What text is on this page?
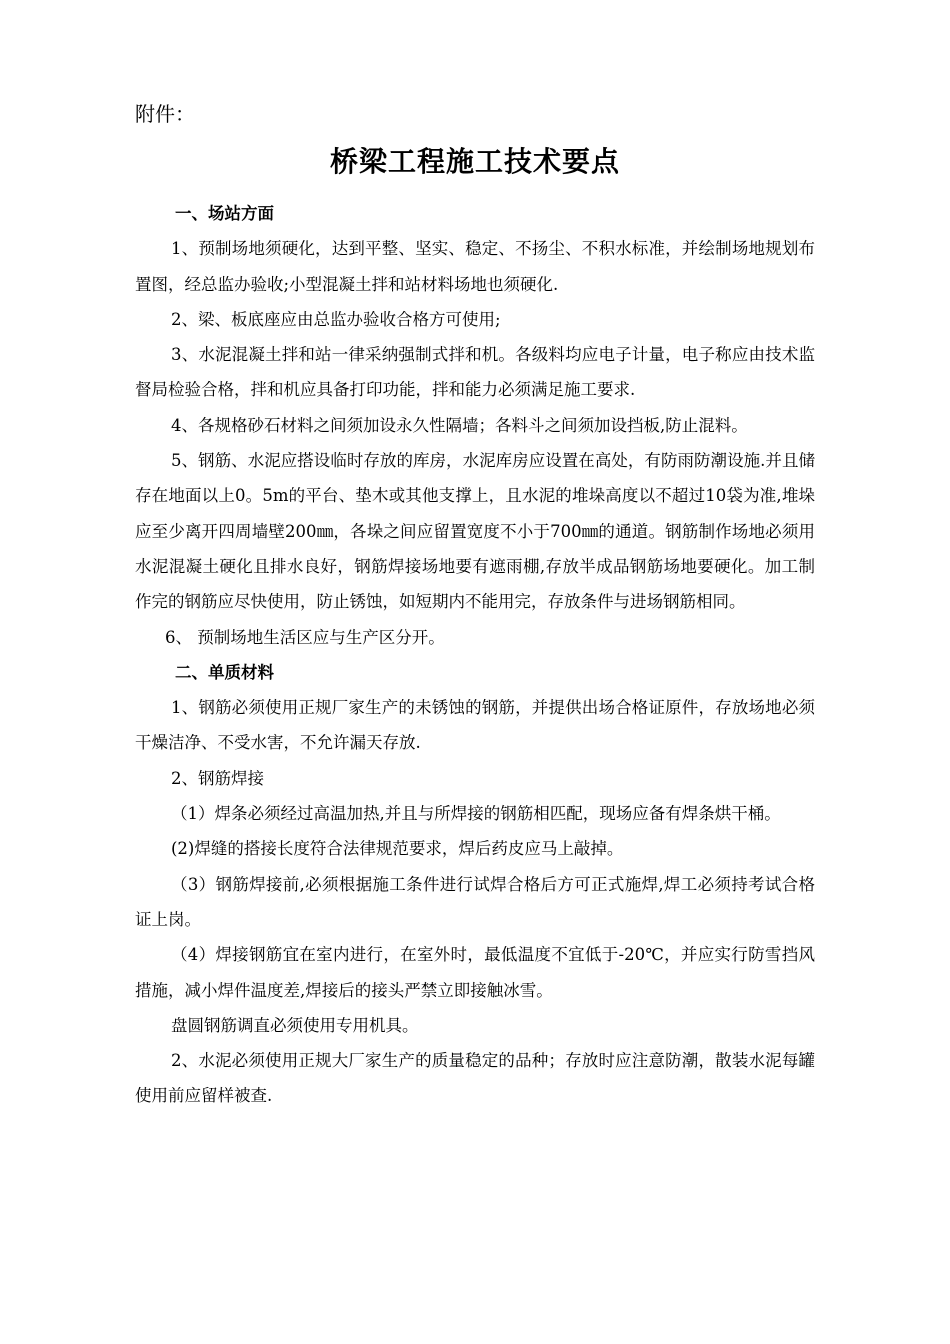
附件：
桥梁工程施工技术要点

一、场站方面

1、预制场地须硬化，达到平整、坚实、稳定、不扬尘、不积水标准，并绘制场地规划布置图，经总监办验收;小型混凝土拌和站材料场地也须硬化.

2、梁、板底座应由总监办验收合格方可使用;

3、水泥混凝土拌和站一律采纳强制式拌和机。各级料均应电子计量，电子称应由技术监督局检验合格，拌和机应具备打印功能，拌和能力必须满足施工要求.

4、各规格砂石材料之间须加设永久性隔墙；各料斗之间须加设挡板,防止混料。

5、钢筋、水泥应搭设临时存放的库房，水泥库房应设置在高处，有防雨防潮设施.并且储存在地面以上0。5m的平台、垫木或其他支撑上，且水泥的堆垛高度以不超过10袋为准,堆垛应至少离开四周墙壁200㎜，各垛之间应留置宽度不小于700㎜的通道。钢筋制作场地必须用水泥混凝土硬化且排水良好，钢筋焊接场地要有遮雨棚,存放半成品钢筋场地要硬化。加工制作完的钢筋应尽快使用，防止锈蚀，如短期内不能用完，存放条件与进场钢筋相同。

6、 预制场地生活区应与生产区分开。

二、单质材料

1、钢筋必须使用正规厂家生产的未锈蚀的钢筋，并提供出场合格证原件，存放场地必须干燥洁净、不受水害，不允许漏天存放.

2、钢筋焊接

（1）焊条必须经过高温加热,并且与所焊接的钢筋相匹配，现场应备有焊条烘干桶。

(2)焊缝的搭接长度符合法律规范要求，焊后药皮应马上敲掉。

（3）钢筋焊接前,必须根据施工条件进行试焊合格后方可正式施焊,焊工必须持考试合格证上岗。

（4）焊接钢筋宜在室内进行，在室外时，最低温度不宜低于-20℃，并应实行防雪挡风措施，减小焊件温度差,焊接后的接头严禁立即接触冰雪。

盘圆钢筋调直必须使用专用机具。

2、水泥必须使用正规大厂家生产的质量稳定的品种；存放时应注意防潮，散装水泥每罐使用前应留样被查.
